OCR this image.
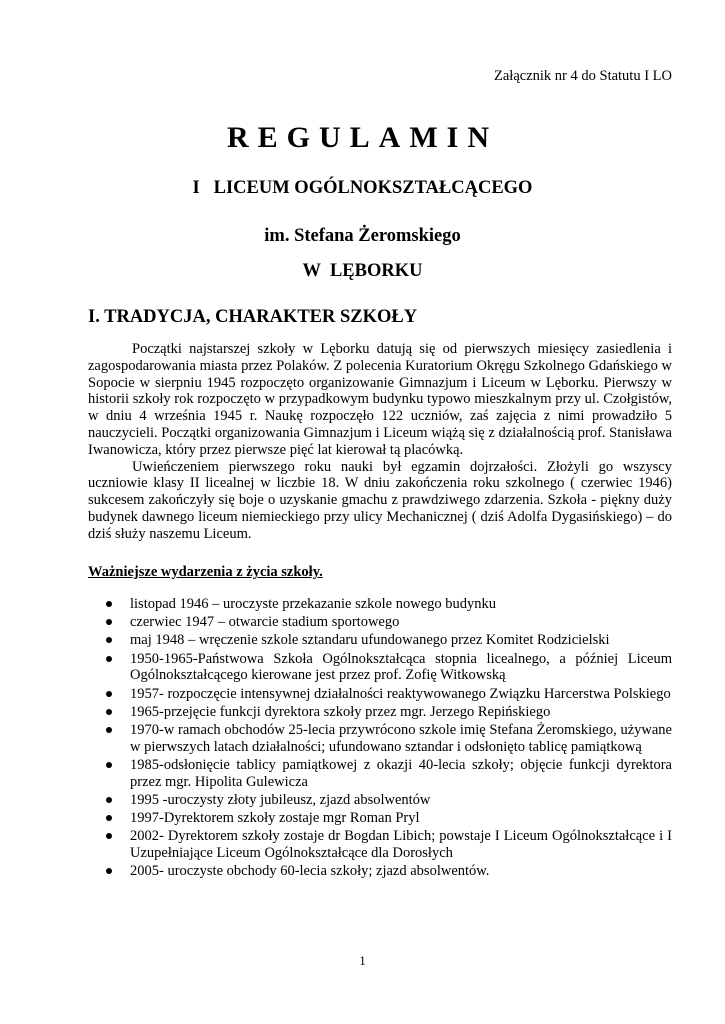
Załącznik nr 4 do Statutu I LO
REGULAMIN
I   LICEUM OGÓLNOKSZTAŁCĄCEGO
im. Stefana Żeromskiego
W  LĘBORKU
I. TRADYCJA, CHARAKTER SZKOŁY

Początki najstarszej szkoły w Lęborku datują się od pierwszych miesięcy zasiedlenia i zagospodarowania miasta przez Polaków. Z polecenia Kuratorium Okręgu Szkolnego Gdańskiego w Sopocie w sierpniu 1945 rozpoczęto organizowanie Gimnazjum i Liceum w Lęborku. Pierwszy w historii szkoły rok rozpoczęto w przypadkowym budynku typowo mieszkalnym przy ul. Czołgistów, w dniu 4 września 1945 r. Naukę rozpoczęło 122 uczniów, zaś zajęcia z nimi prowadziło 5 nauczycieli. Początki organizowania Gimnazjum i Liceum wiążą się z działalnością prof. Stanisława Iwanowicza, który przez pierwsze pięć lat kierował tą placówką.

Uwieńczeniem pierwszego roku nauki był egzamin dojrzałości. Złożyli go wszyscy uczniowie klasy II licealnej w liczbie 18. W dniu zakończenia roku szkolnego ( czerwiec 1946) sukcesem zakończyły się boje o uzyskanie gmachu z prawdziwego zdarzenia. Szkoła - piękny duży budynek dawnego liceum niemieckiego przy ulicy Mechanicznej ( dziś Adolfa Dygasińskiego) – do dziś służy naszemu Liceum.

Ważniejsze wydarzenia z życia szkoły.
listopad 1946 – uroczyste przekazanie szkole nowego budynku
czerwiec 1947 – otwarcie stadium sportowego
maj 1948 – wręczenie szkole sztandaru ufundowanego przez Komitet Rodzicielski
1950-1965-Państwowa Szkoła Ogólnokształcąca stopnia licealnego, a później Liceum Ogólnokształcącego kierowane jest przez prof. Zofię Witkowską
1957- rozpoczęcie intensywnej działalności reaktywowanego Związku Harcerstwa Polskiego
1965-przejęcie funkcji dyrektora szkoły przez mgr. Jerzego Repińskiego
1970-w ramach obchodów 25-lecia przywrócono szkole imię Stefana Żeromskiego, używane w pierwszych latach działalności; ufundowano sztandar i odsłonięto tablicę pamiątkową
1985-odsłonięcie tablicy pamiątkowej z okazji 40-lecia szkoły; objęcie funkcji dyrektora przez mgr. Hipolita Gulewicza
1995 -uroczysty złoty jubileusz, zjazd absolwentów
1997-Dyrektorem szkoły zostaje mgr Roman Pryl
2002- Dyrektorem szkoły zostaje dr Bogdan Libich; powstaje I Liceum Ogólnokształcące i I Uzupełniające Liceum Ogólnokształcące dla Dorosłych
2005- uroczyste obchody 60-lecia szkoły; zjazd absolwentów.
1
